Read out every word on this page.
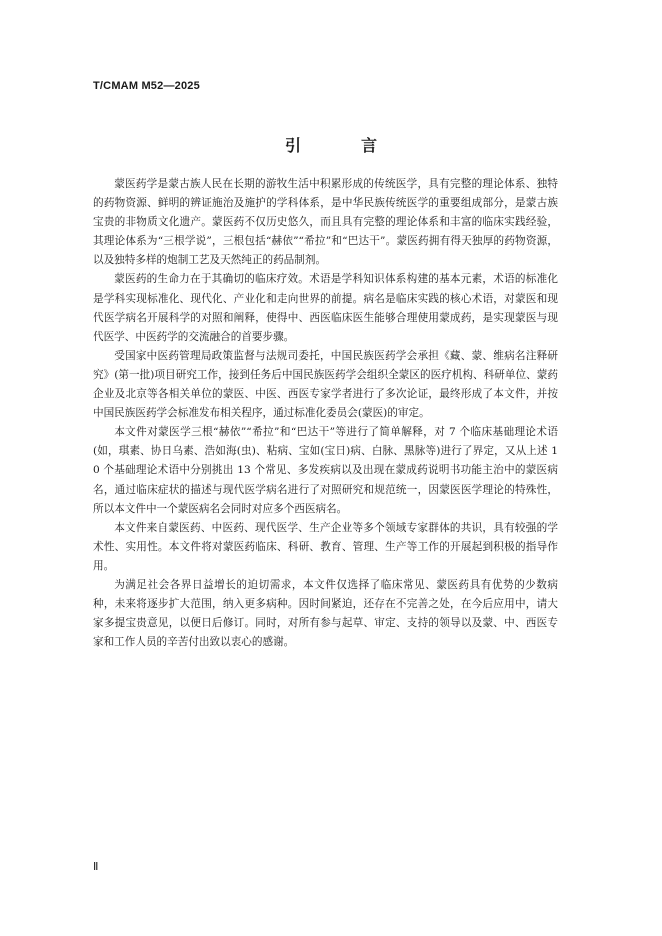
T/CMAM M52—2025
引　言

蒙医药学是蒙古族人民在长期的游牧生活中积累形成的传统医学，具有完整的理论体系、独特的药物资源、鲜明的辨证施治及施护的学科体系，是中华民族传统医学的重要组成部分，是蒙古族宝贵的非物质文化遗产。蒙医药不仅历史悠久，而且具有完整的理论体系和丰富的临床实践经验，其理论体系为“三根学说”，三根包括“赫依”“希拉”和“巴达干”。蒙医药拥有得天独厚的药物资源，以及独特多样的炮制工艺及天然纯正的药品制剂。

蒙医药的生命力在于其确切的临床疗效。术语是学科知识体系构建的基本元素，术语的标准化是学科实现标准化、现代化、产业化和走向世界的前提。病名是临床实践的核心术语，对蒙医和现代医学病名开展科学的对照和阐释，使得中、西医临床医生能够合理使用蒙成药，是实现蒙医与现代医学、中医药学的交流融合的首要步骤。

受国家中医药管理局政策监督与法规司委托，中国民族医药学会承担《藏、蒙、维病名注释研究》(第一批)项目研究工作，接到任务后中国民族医药学会组织全蒙区的医疗机构、科研单位、蒙药企业及北京等各相关单位的蒙医、中医、西医专家学者进行了多次论证，最终形成了本文件，并按中国民族医药学会标准发布相关程序，通过标准化委员会(蒙医)的审定。

本文件对蒙医学三根“赫依”“希拉”和“巴达干”等进行了简单解释，对 7 个临床基础理论术语(如，琪素、协日乌素、浩如海(虫)、粘病、宝如(宝日)病、白脉、黑脉等)进行了界定，又从上述 10 个基础理论术语中分别挑出 13 个常见、多发疾病以及出现在蒙成药说明书功能主治中的蒙医病名，通过临床症状的描述与现代医学病名进行了对照研究和规范统一，因蒙医医学理论的特殊性，所以本文件中一个蒙医病名会同时对应多个西医病名。

本文件来自蒙医药、中医药、现代医学、生产企业等多个领域专家群体的共识，具有较强的学术性、实用性。本文件将对蒙医药临床、科研、教育、管理、生产等工作的开展起到积极的指导作用。

为满足社会各界日益增长的迫切需求，本文件仅选择了临床常见、蒙医药具有优势的少数病种，未来将逐步扩大范围，纳入更多病种。因时间紧迫，还存在不完善之处，在今后应用中，请大家多提宝贵意见，以便日后修订。同时，对所有参与起草、审定、支持的领导以及蒙、中、西医专家和工作人员的辛苦付出致以衷心的感谢。

Ⅱ
